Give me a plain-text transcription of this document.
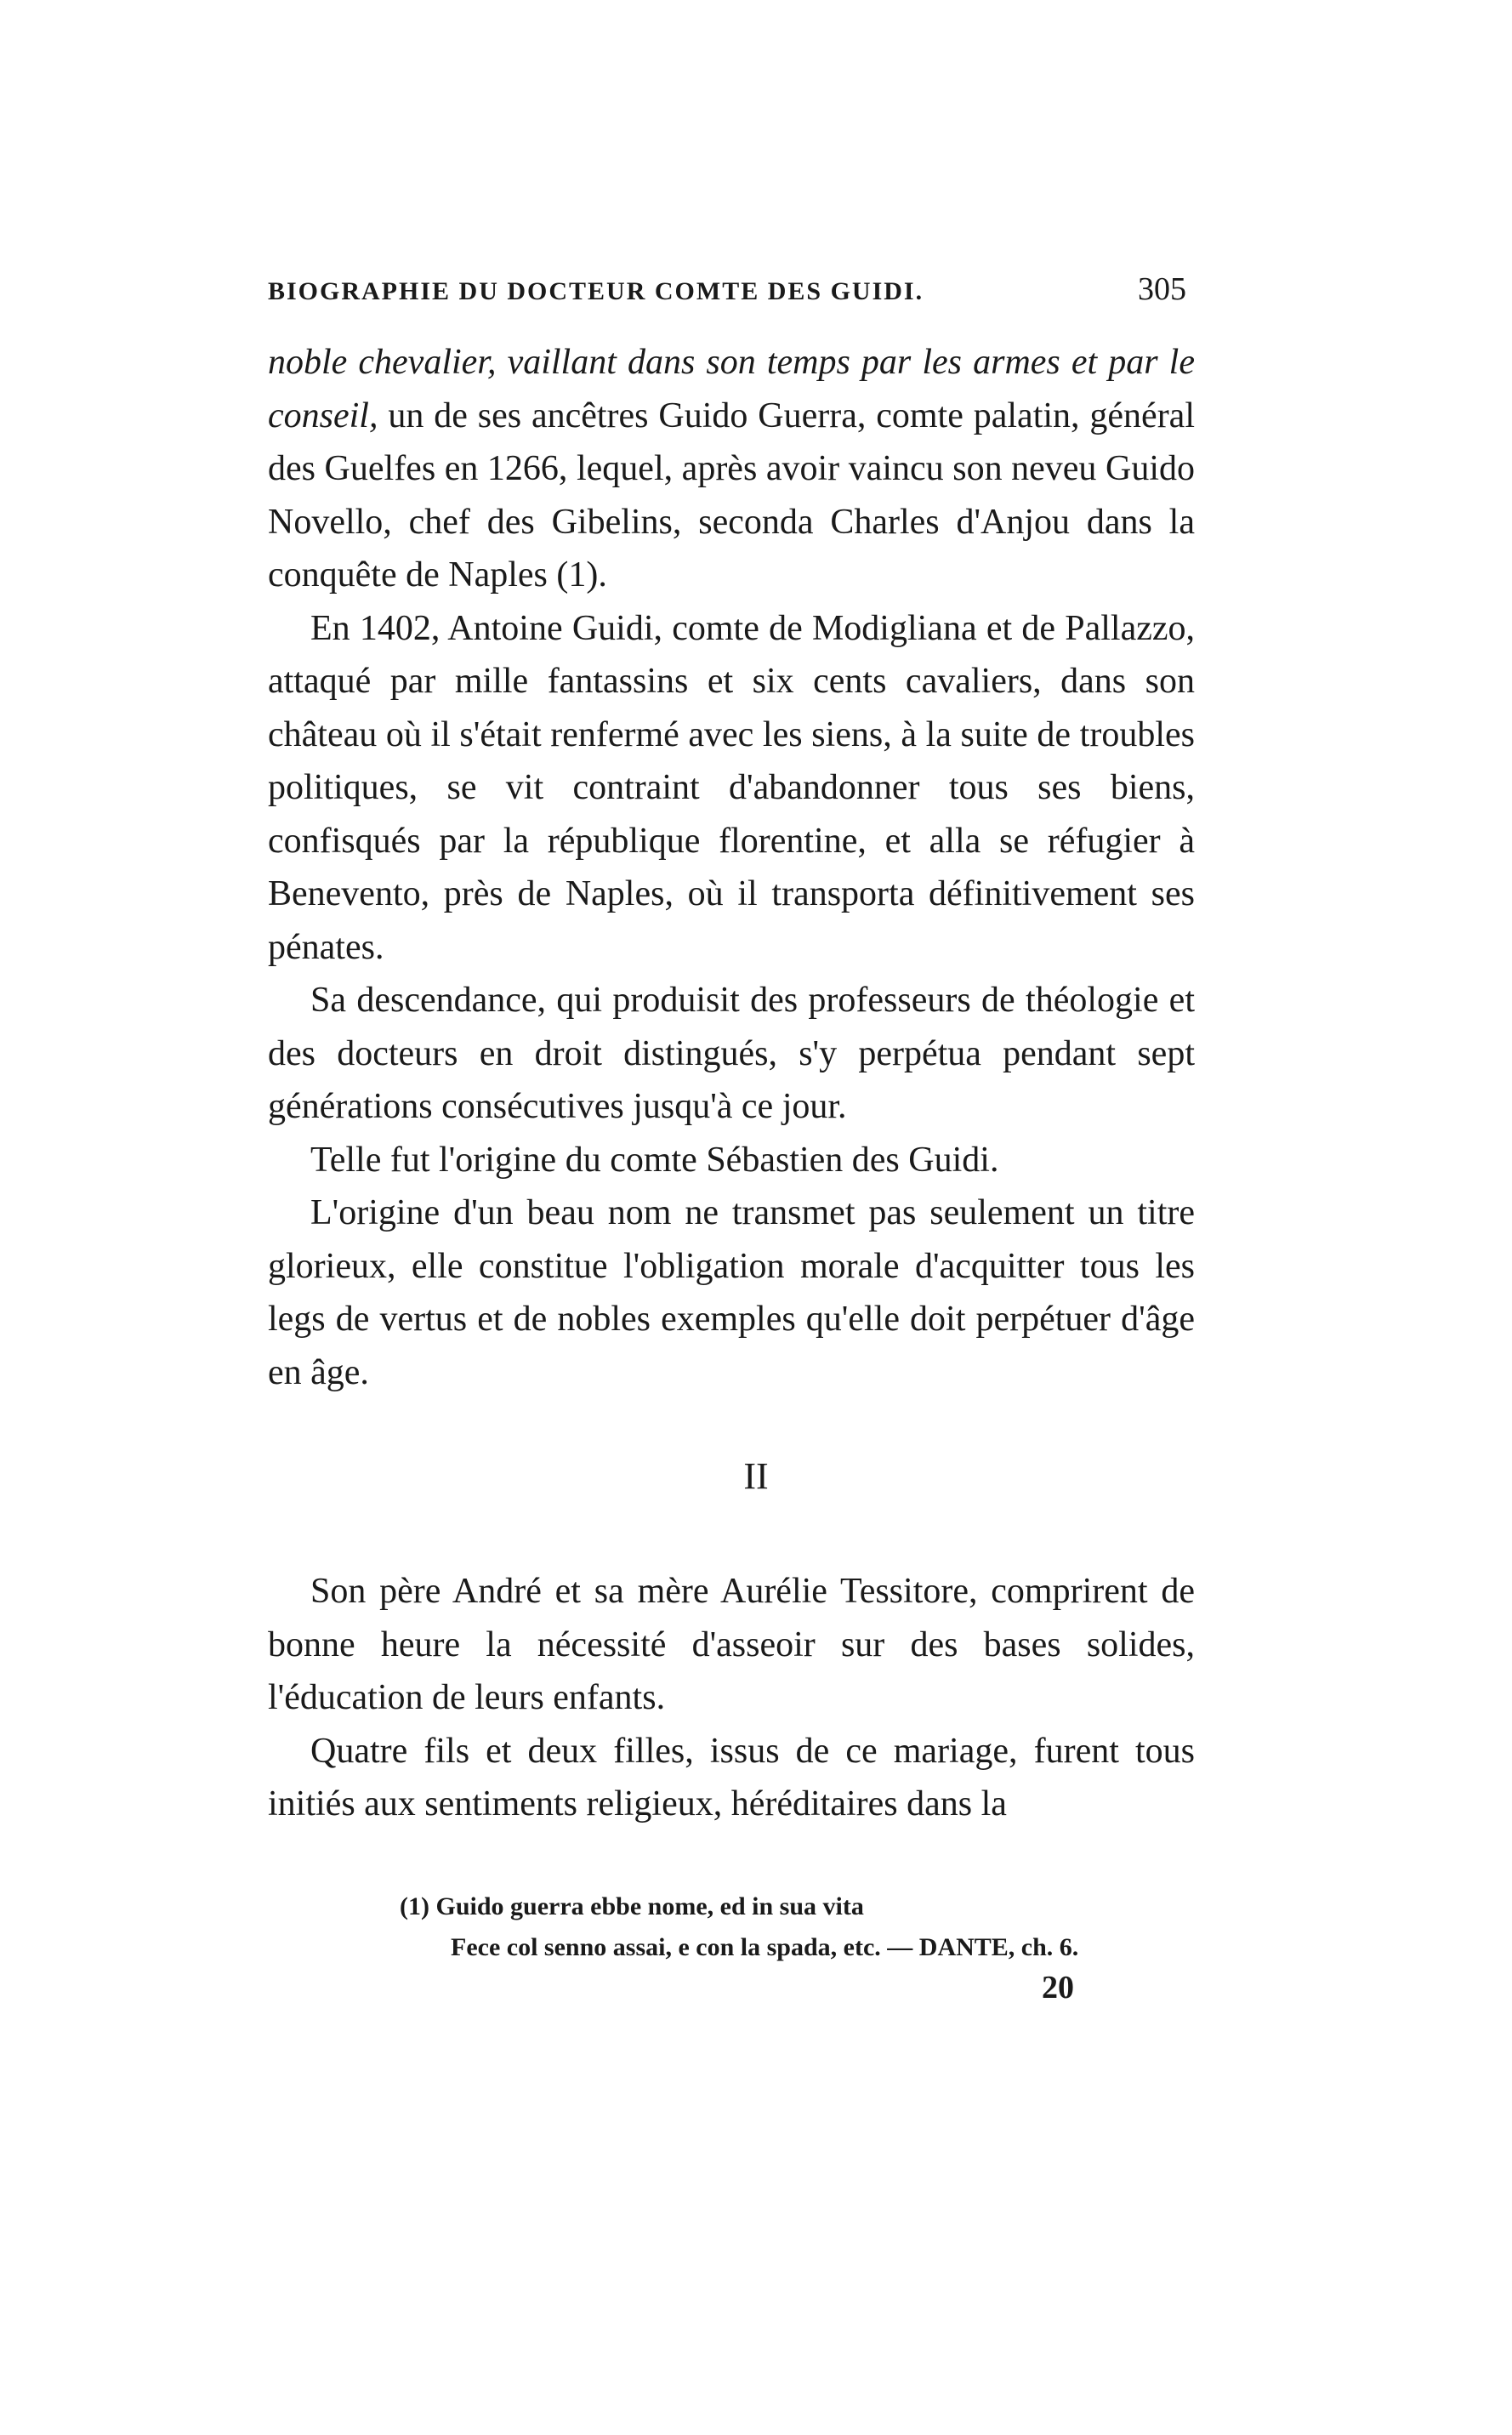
BIOGRAPHIE DU DOCTEUR COMTE DES GUIDI.	305

noble chevalier, vaillant dans son temps par les armes et par le conseil, un de ses ancêtres Guido Guerra, comte palatin, général des Guelfes en 1266, lequel, après avoir vaincu son neveu Guido Novello, chef des Gibelins, seconda Charles d'Anjou dans la conquête de Naples (1).

En 1402, Antoine Guidi, comte de Modigliana et de Pallazzo, attaqué par mille fantassins et six cents cavaliers, dans son château où il s'était renfermé avec les siens, à la suite de troubles politiques, se vit contraint d'abandonner tous ses biens, confisqués par la république florentine, et alla se réfugier à Benevento, près de Naples, où il transporta définitivement ses pénates.

Sa descendance, qui produisit des professeurs de théologie et des docteurs en droit distingués, s'y perpétua pendant sept générations consécutives jusqu'à ce jour.

Telle fut l'origine du comte Sébastien des Guidi.

L'origine d'un beau nom ne transmet pas seulement un titre glorieux, elle constitue l'obligation morale d'acquitter tous les legs de vertus et de nobles exemples qu'elle doit perpétuer d'âge en âge.

II

Son père André et sa mère Aurélie Tessitore, comprirent de bonne heure la nécessité d'asseoir sur des bases solides, l'éducation de leurs enfants.

Quatre fils et deux filles, issus de ce mariage, furent tous initiés aux sentiments religieux, héréditaires dans la

(1) Guido guerra ebbe nome, ed in sua vita
Fece col senno assai, e con la spada, etc. — DANTE, ch. 6.
20
